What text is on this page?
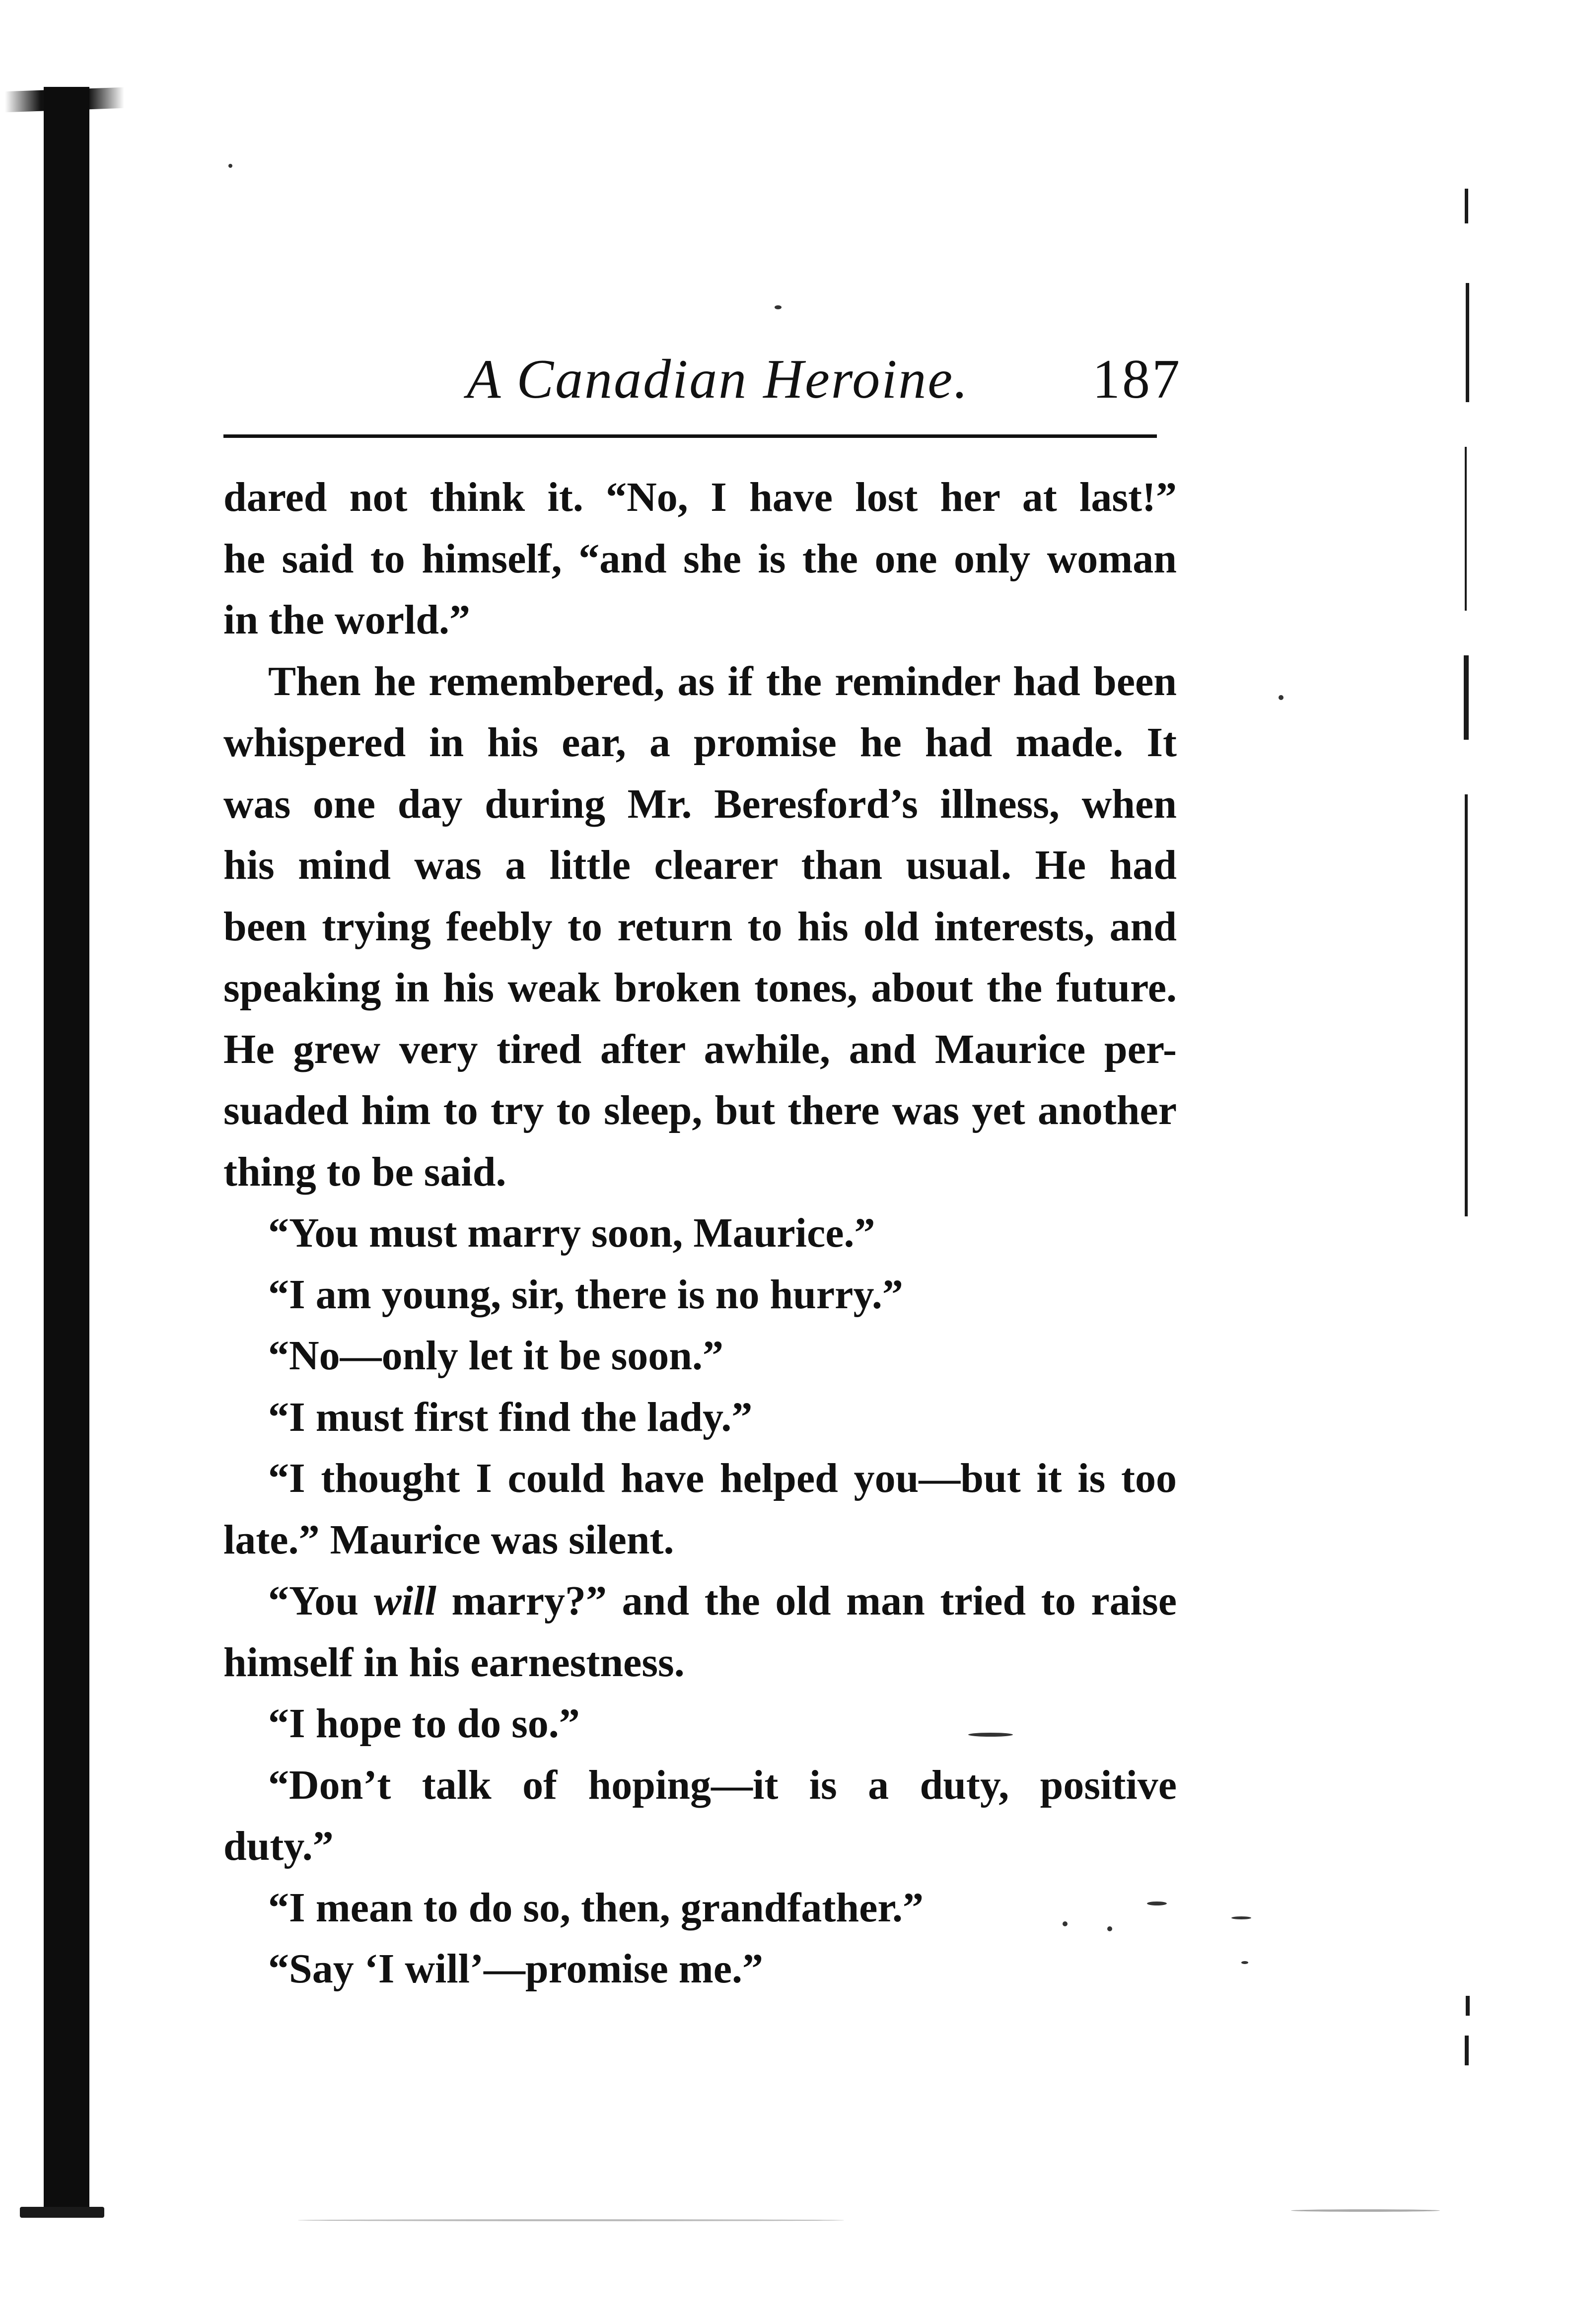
A Canadian Heroine. 187
dared not think it. “No, I have lost her at last!”
he said to himself, “and she is the one only woman
in the world.”
Then he remembered, as if the reminder had been
whispered in his ear, a promise he had made. It
was one day during Mr. Beresford’s illness, when
his mind was a little clearer than usual. He had
been trying feebly to return to his old interests, and
speaking in his weak broken tones, about the future.
He grew very tired after awhile, and Maurice per-
suaded him to try to sleep, but there was yet another
thing to be said.
“You must marry soon, Maurice.”
“I am young, sir, there is no hurry.”
“No—only let it be soon.”
“I must first find the lady.”
“I thought I could have helped you—but it is too
late.” Maurice was silent.
“You will marry?” and the old man tried to raise
himself in his earnestness.
“I hope to do so.”
“Don’t talk of hoping—it is a duty, positive
duty.”
“I mean to do so, then, grandfather.”
“Say ‘I will’—promise me.”
